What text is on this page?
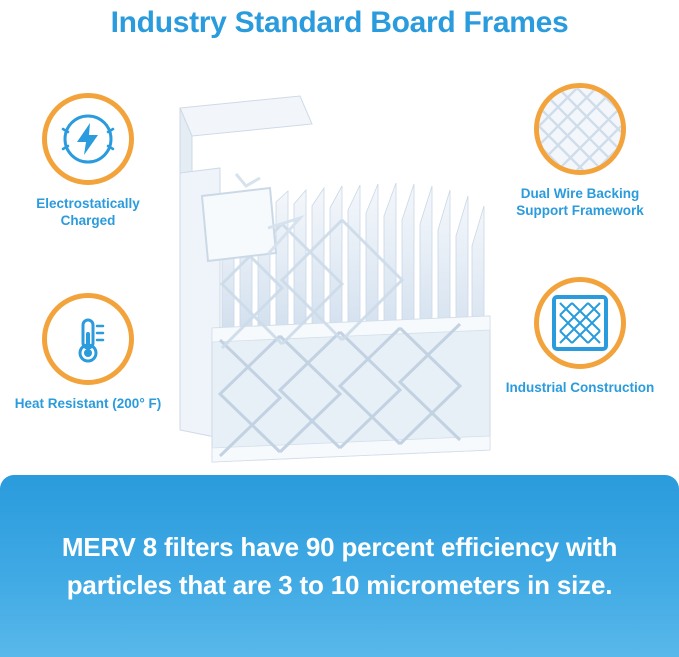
Industry Standard Board Frames
Electrostatically Charged
Heat Resistant (200° F)
Dual Wire Backing Support Framework
Industrial Construction
MERV 8 filters have 90 percent efficiency with particles that are 3 to 10 micrometers in size.
